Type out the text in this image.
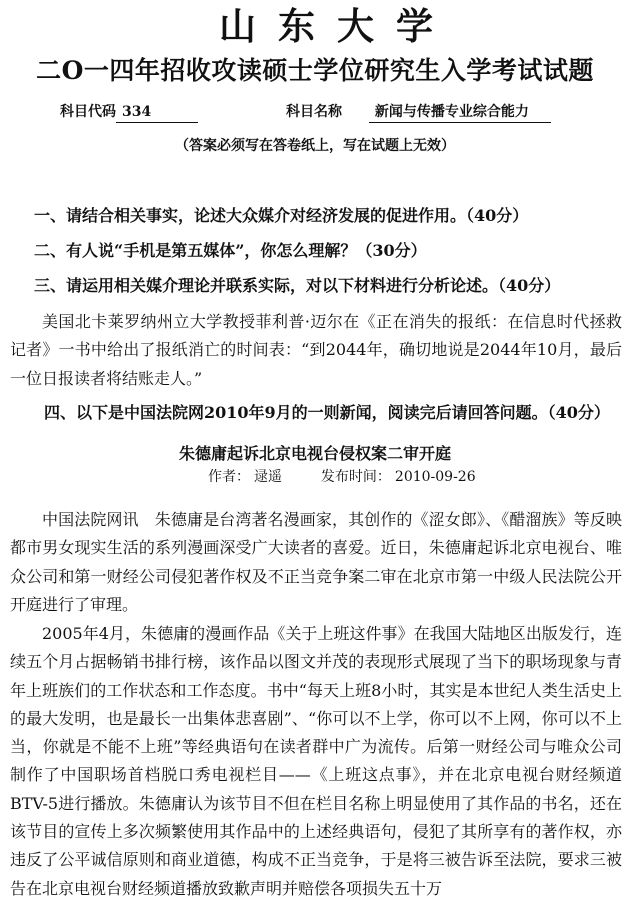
山东大学
二O一四年招收攻读硕士学位研究生入学考试试题
科目代码 334	科目名称 新闻与传播专业综合能力
（答案必须写在答卷纸上，写在试题上无效）
一、请结合相关事实，论述大众媒介对经济发展的促进作用。（40分）
二、有人说“手机是第五媒体”，你怎么理解？（30分）
三、请运用相关媒介理论并联系实际，对以下材料进行分析论述。（40分）
美国北卡莱罗纳州立大学教授菲利普·迈尔在《正在消失的报纸：在信息时代拯救记者》一书中给出了报纸消亡的时间表：“到2044年，确切地说是2044年10月，最后一位日报读者将结账走人。”
四、以下是中国法院网2010年9月的一则新闻，阅读完后请回答问题。（40分）
朱德庸起诉北京电视台侵权案二审开庭
作者： 逯遥	发布时间： 2010-09-26
中国法院网讯　朱德庸是台湾著名漫画家，其创作的《涩女郎》、《醋溜族》等反映都市男女现实生活的系列漫画深受广大读者的喜爱。近日，朱德庸起诉北京电视台、唯众公司和第一财经公司侵犯著作权及不正当竞争案二审在北京市第一中级人民法院公开开庭进行了审理。
2005年4月，朱德庸的漫画作品《关于上班这件事》在我国大陆地区出版发行，连续五个月占据畅销书排行榜，该作品以图文并茂的表现形式展现了当下的职场现象与青年上班族们的工作状态和工作态度。书中“每天上班8小时，其实是本世纪人类生活史上的最大发明，也是最长一出集体悲喜剧”、“你可以不上学，你可以不上网，你可以不上当，你就是不能不上班”等经典语句在读者群中广为流传。后第一财经公司与唯众公司制作了中国职场首档脱口秀电视栏目——《上班这点事》，并在北京电视台财经频道BTV-5进行播放。朱德庸认为该节目不但在栏目名称上明显使用了其作品的书名，还在该节目的宣传上多次频繁使用其作品中的上述经典语句，侵犯了其所享有的著作权，亦违反了公平诚信原则和商业道德，构成不正当竞争，于是将三被告诉至法院，要求三被告在北京电视台财经频道播放致歉声明并赔偿各项损失五十万
